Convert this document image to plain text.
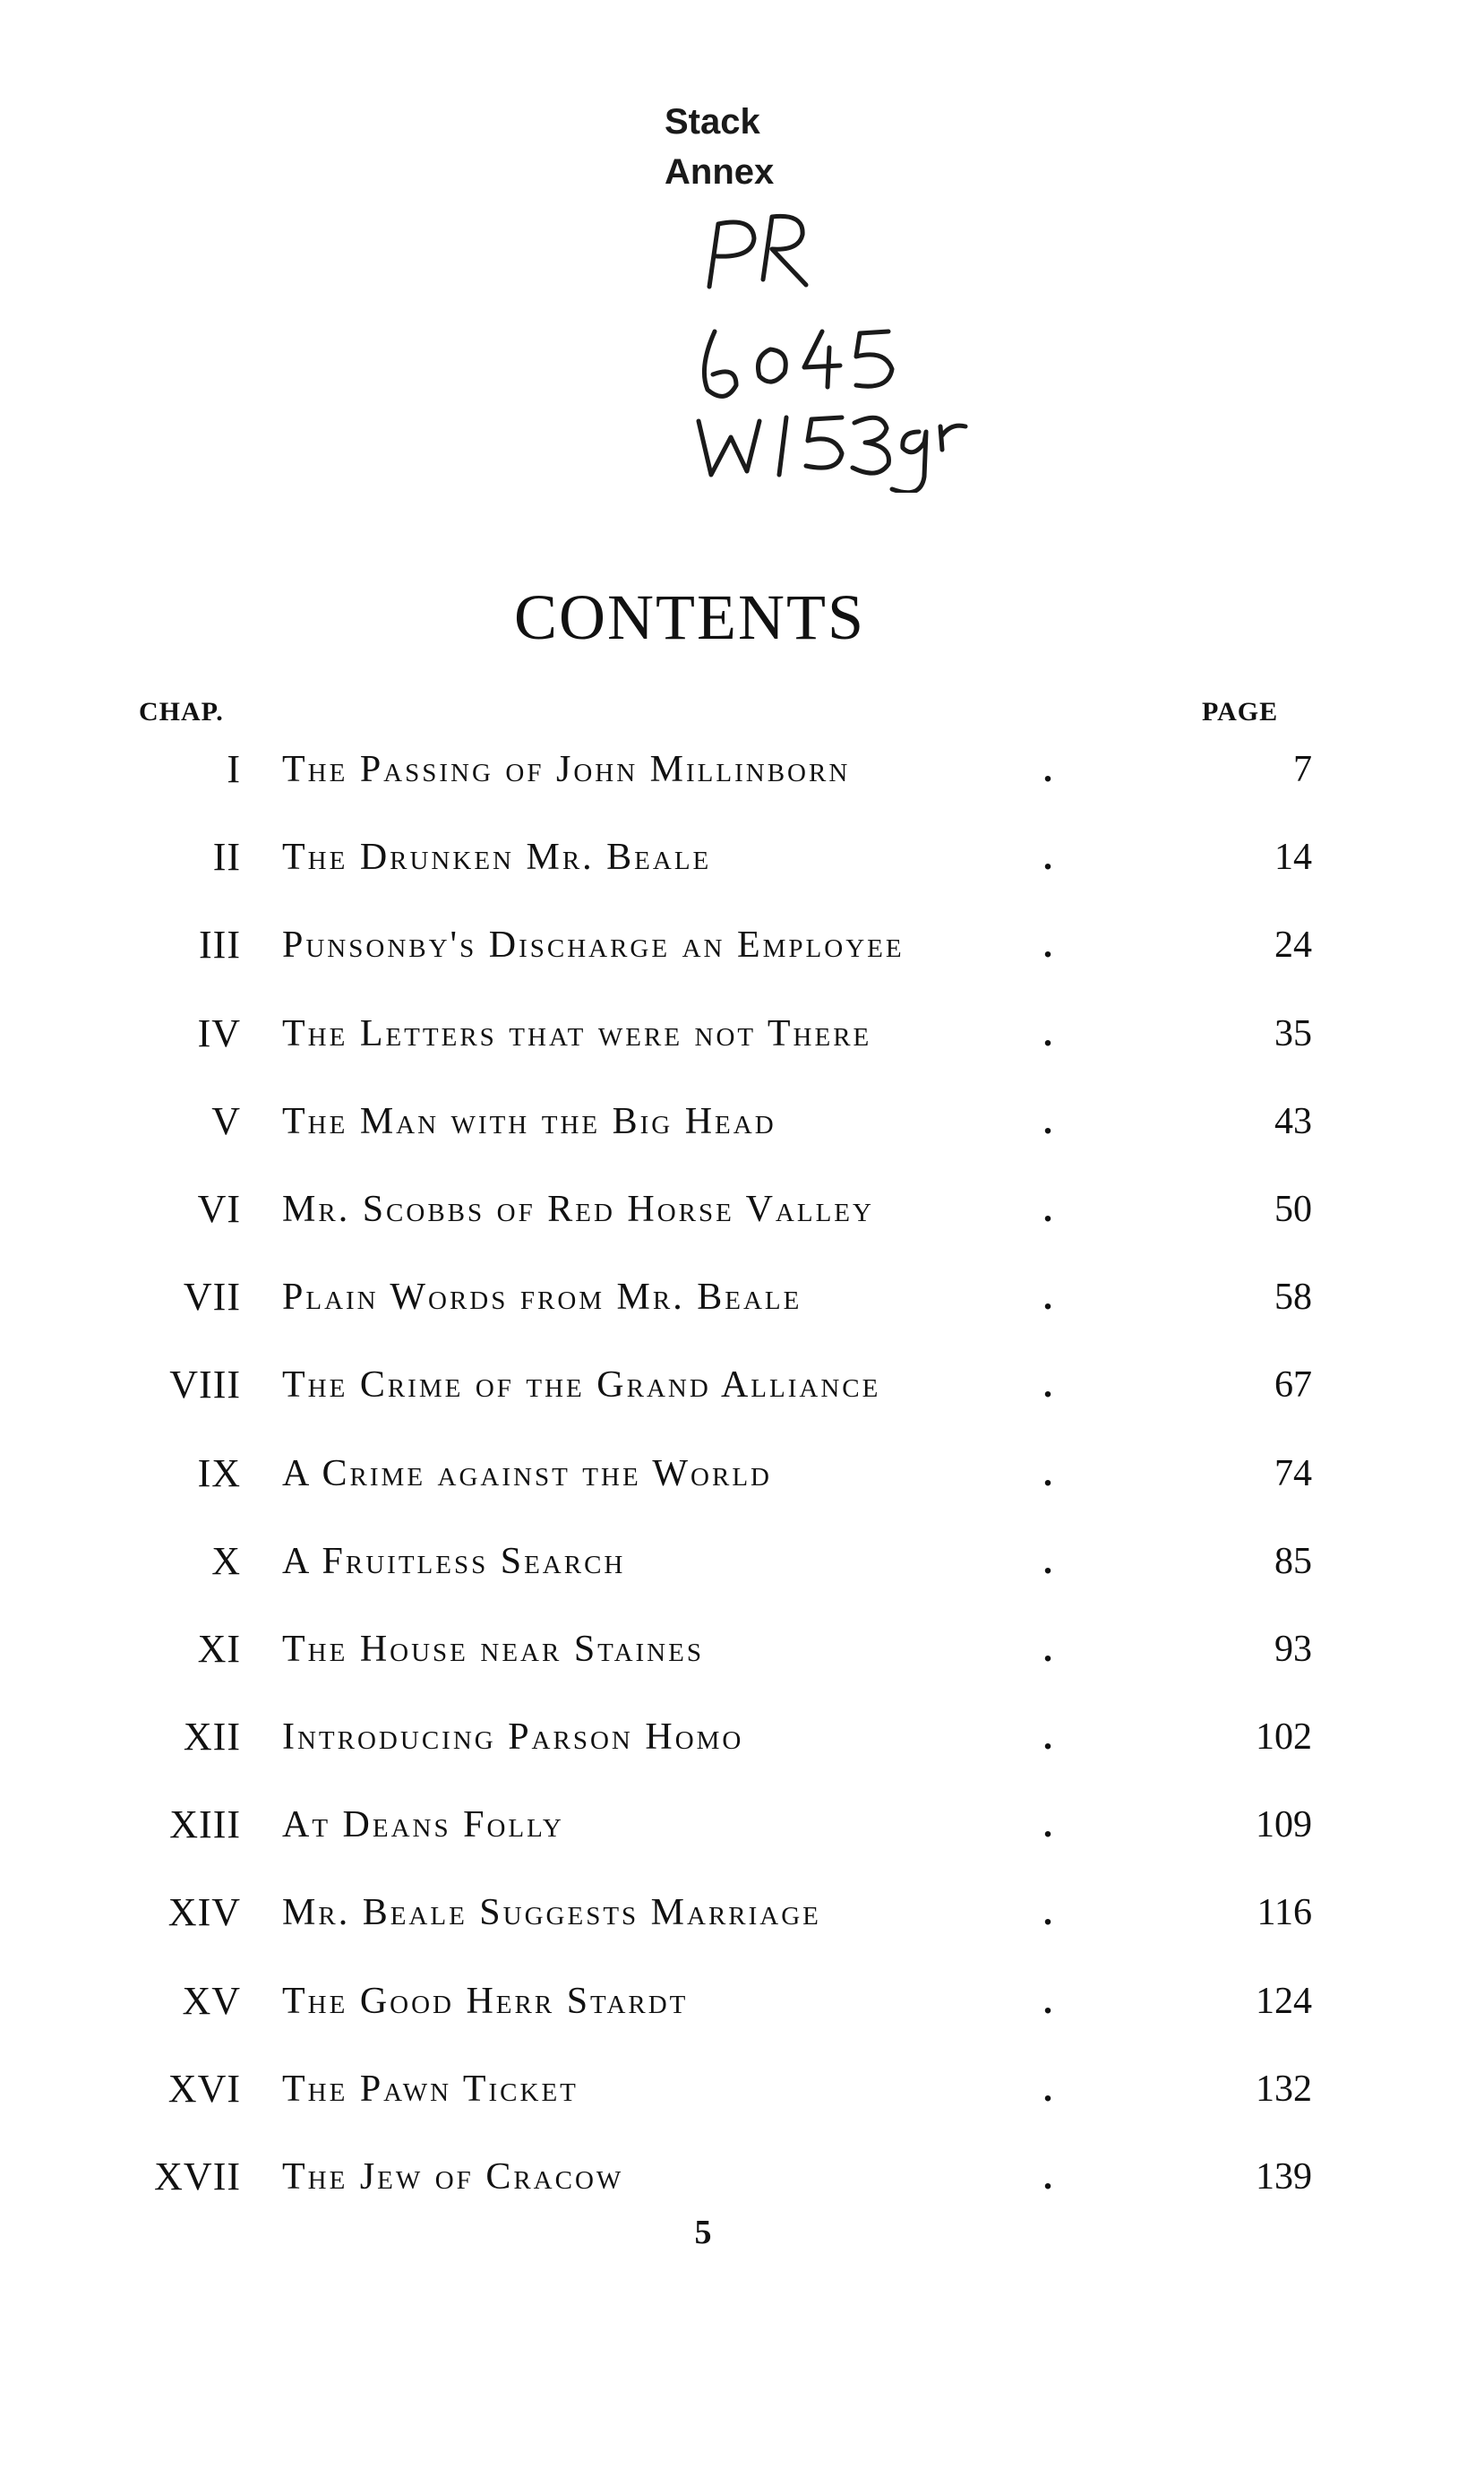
Stack
Annex
CONTENTS
CHAP.	PAGE
I The Passing of John Millinborn	.	7
II The Drunken Mr. Beale	.	14
III Punsonby's Discharge an Employee	.	24
IV The Letters that were not There	.	35
V The Man with the Big Head	.	43
VI Mr. Scobbs of Red Horse Valley	.	50
VII Plain Words from Mr. Beale	.	58
VIII The Crime of the Grand Alliance	.	67
IX A Crime against the World	.	74
X A Fruitless Search	.	85
XI The House near Staines	.	93
XII Introducing Parson Homo	.	102
XIII At Deans Folly	.	109
XIV Mr. Beale Suggests Marriage	.	116
XV The Good Herr Stardt	.	124
XVI The Pawn Ticket	.	132
XVII The Jew of Cracow	.	139
5
